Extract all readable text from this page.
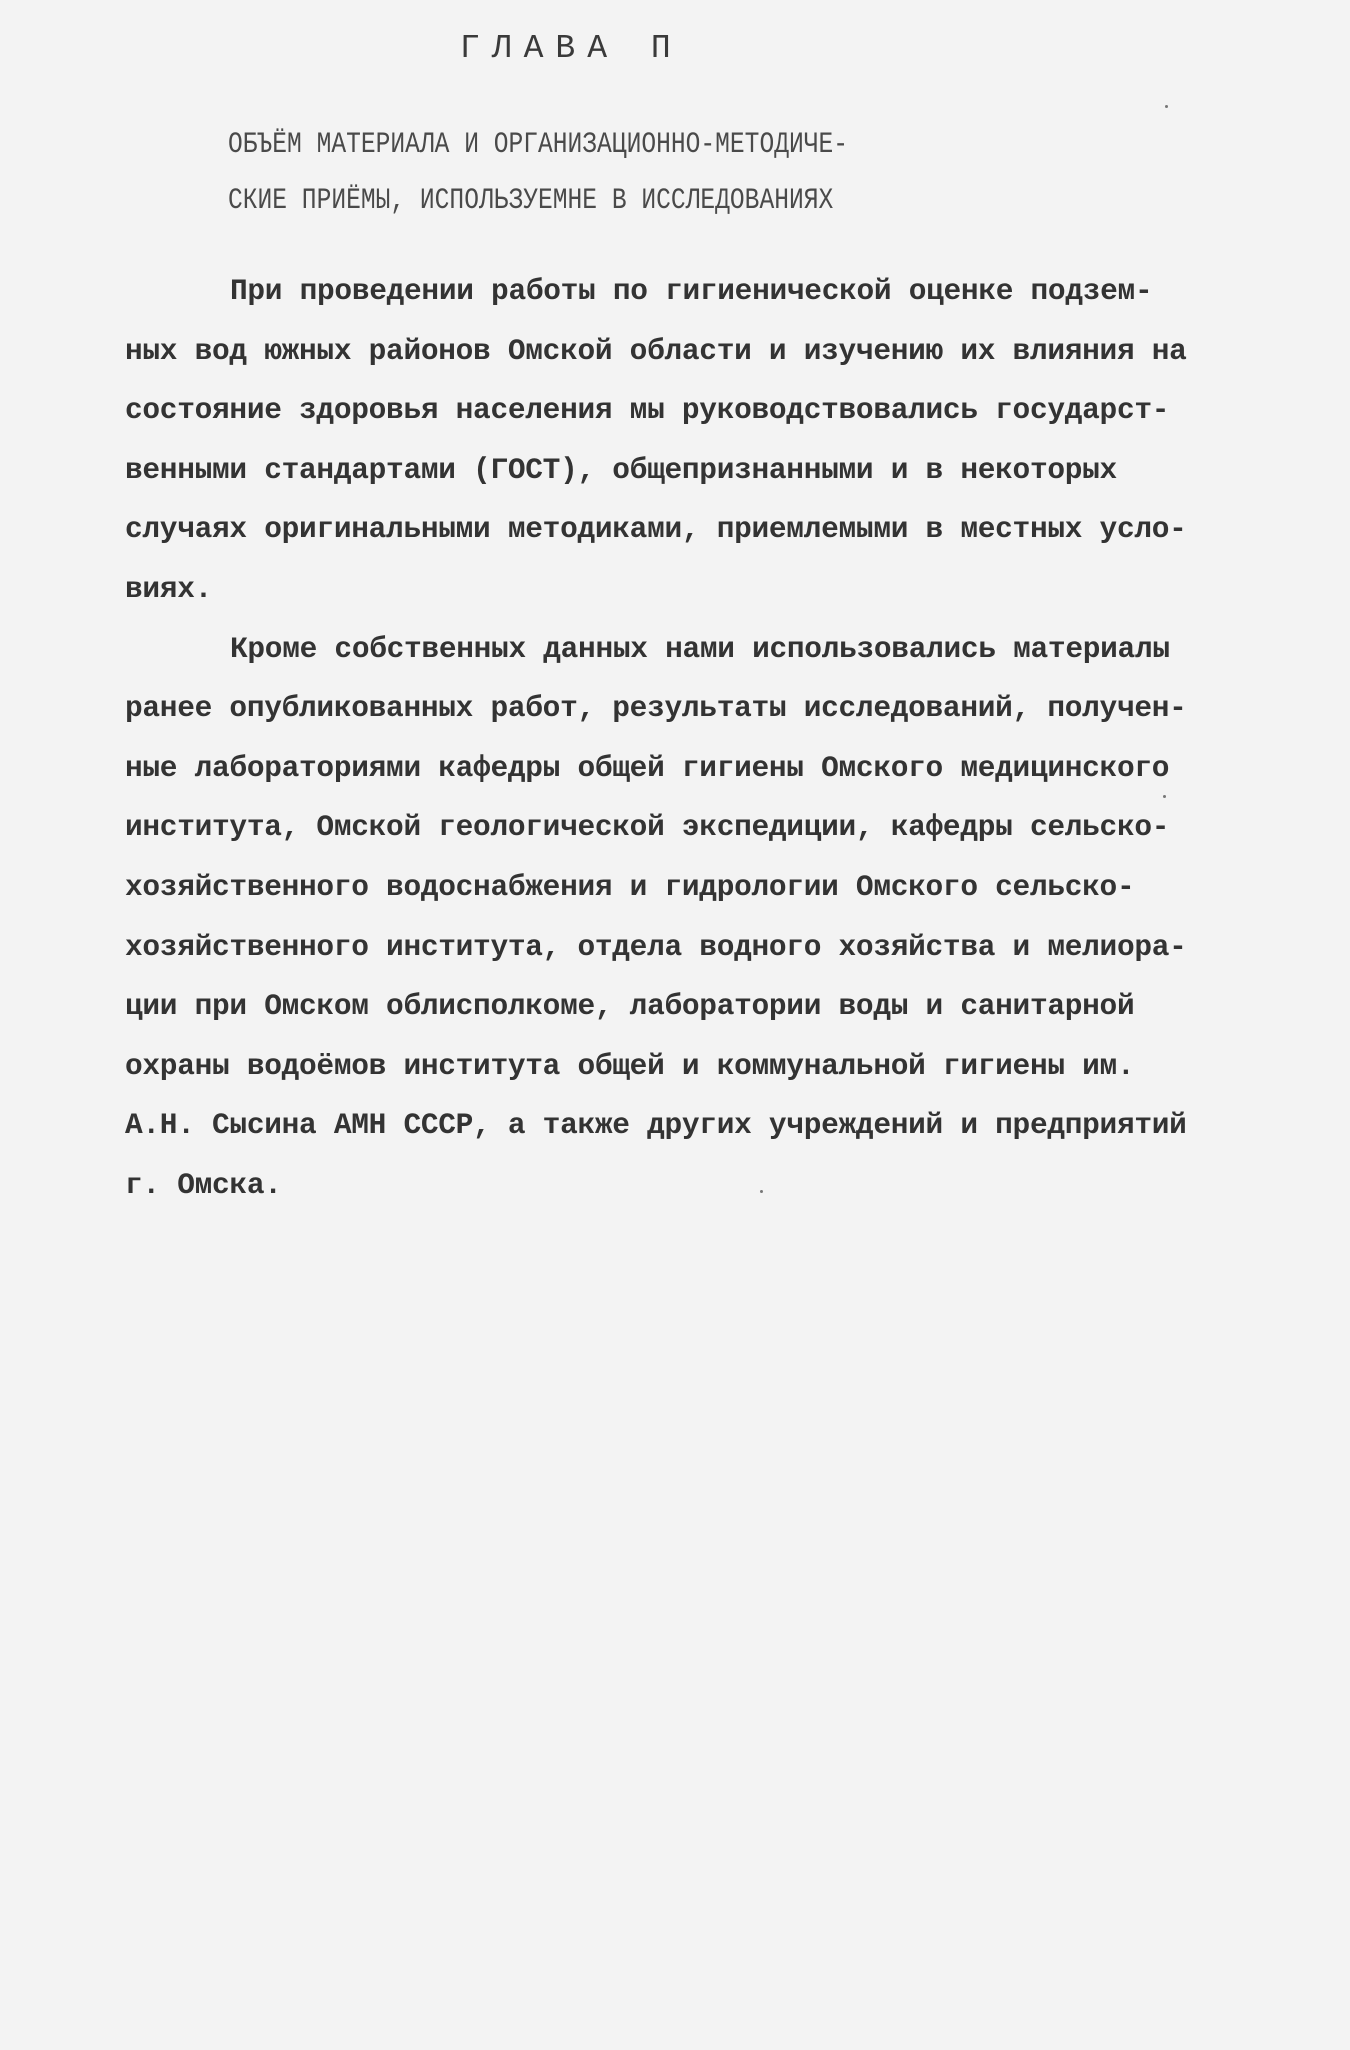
ГЛАВА П
ОБЪЁМ МАТЕРИАЛА И ОРГАНИЗАЦИОННО-МЕТОДИЧЕ-
СКИЕ ПРИЁМЫ, ИСПОЛЬЗУЕМНЕ В ИССЛЕДОВАНИЯХ
При проведении работы по гигиенической оценке подзем-
ных вод южных районов Омской области и изучению их влияния на
состояние здоровья населения мы руководствовались государст-
венными стандартами (ГОСТ), общепризнанными и в некоторых
случаях оригинальными методиками, приемлемыми в местных усло-
виях.
Кроме собственных данных нами использовались материалы
ранее опубликованных работ, результаты исследований, получен-
ные лабораториями кафедры общей гигиены Омского медицинского
института, Омской геологической экспедиции, кафедры сельско-
хозяйственного водоснабжения и гидрологии Омского сельско-
хозяйственного института, отдела водного хозяйства и мелиора-
ции при Омском облисполкоме, лаборатории воды и санитарной
охраны водоёмов института общей и коммунальной гигиены им.
А.Н. Сысина АМН СССР, а также других учреждений и предприятий
г. Омска.
